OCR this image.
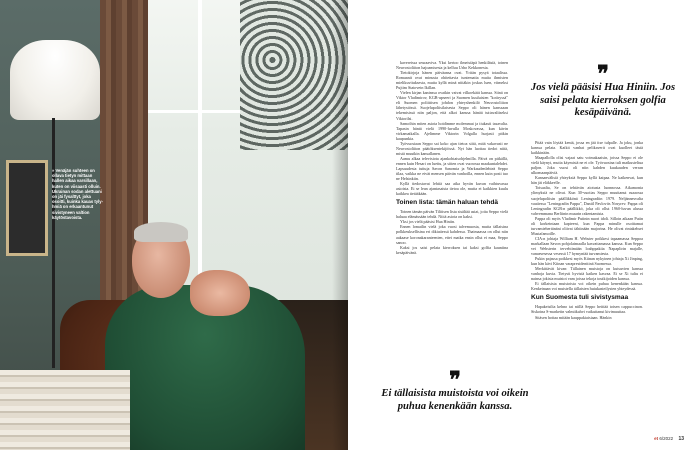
» Venäjän suhteen on ollava tietyn mittaan hallen aikaa varsillaan, kuten on viisaasti olluin. Ukrainan sodan alettuani on jäi fysalttyt, joka osoitti, kuinka kauas tyly-hmiä on erkaantunut sivistyneen valtion käytöstavoista.

kavereissa seuraaviva. Yksi kertoo ilmeisiäpä henkiläsiä, toinen Neuvostoliiton hajoamisesta ja kelluu Urho Kekkonesta.

Tietokirjoja hänen päiväansa ovat. Yritän pysyä totaalissa. Romaanit ovat minusta ohitettavia tuntematta muita ihmisten mielikuvituksesta, mutta kyllä minä niitäkin joskus luen, viimeksi Pujtim Statovein Ikillan.

Vielen kirjan kaninssa ovatkin vaivat vilkoekäät kanssa. Siinä on Viktor Vladimirov, KGB-upseeri ja Suomen kuuluisien "kotiryssä" eli Suomen poliittisen johdon yhteyshenkilö Neuvostoliiton lähetystössä. Suojelupoliisilaisesta Seppo oli hänen kanssaan tekemisissä niin paljon, että alkoi kanssa hänää tuttavaliiseksi Viktorilsi.

Samoihin miten asiota hoidimme molemmat ja tiukasti tasavalta. Tapasin häntä vielä 1990-luvulla Moskovassa, kun kävin virkamatkalla. Ajelimme Viktorin Volgalla hurjasti pitkin kaupunkia.

Työvuosiaan Seppo sai koko ajan tietoa siitä, mitä vakavasti ne Neuvostoliiton päätöksentekijöissä. Nyt hän luottaa tiedot niitä, mistä muutkin kansallanen.

Aamu alkaa televisiota ajankohtaisohjelmilla. Päivä on pitkällä, ennen kuin Hesari on luettu, ja sitten ovat vuorossa maakuntalehdet. Lapsuudesta tuttuja Savon Sanomia ja Warkaudenlehteä Seppo tilaa, vaikka ne eivät mensen päivän vanhoilla, ennen kuin posti tuo ne Helsinkiin.

Kyllä tiedostavat lehtiä saa aika hyvän kuvan vaihtuvassa asioista. Ei se lean ajantasaista tietoa ole, mutta ei kaikkien kuulu kaikkea tietääkään.

Toinen lista: tämän haluan tehdä

Toinen tämän päivän Tilitisen lista sisältää asiat, joita Seppo vielä haluaa elämässään tehdä. Niitä asiota on kaksi.

Yksi jos vielä pääsisi Hua Hiniin.

Ennen lomailin vielä joka vuosi talvemuosta, mutta tällaisina polkkeuksellisina eri dikiatiessä kahdessa. Thaimaassa on ollut niin aakaase koronakaranteenien, ettei matka ensin ollut ei maa, Seppo sanoo.

Kaksi jos saisi pelata kierroksen tai kaksi golfia kauniina kesäpäivänä.

Pitää vain löytää kentä, jossa en jää itse tulpalle. Ja joku, jonka kanssa pelata. Kaikit vanhat pelikaverit ovat kuolleet tästä kaikkinään.

Maapallolla olisi vajaat satu voimakaaisin, joissa Seppo ei ole vielä käynyt, mutta käymistä ne ei ole. Työvuosina tuli matkusteltua paljon. Joka vuosi oli niin kahden kuukauden verran ulkomaanpäiviä.

Kansanvälisiä yhteyksiä Seppo kyllä kaipaa. Ne kaikenvat, kun hän jäi eläkkeelle.

Toisaalta, Se on tehtävän aiotusta luonnossa. Aikamonia ylimyksiä ne olivat. Kun 30-vuotias Seppo muuttanut ruaaossa suojelupoliisin päällikkönä Leningradiin 1979. Neljännesvalta vaatiessa "Leningradin Pappa", Daniil Pavlovits Nosyrev. Pappa oli Leningradin KGB:n päällikkö, joka oli ollut 1960-luvun alussa vahvemmana Berliinin muurin rakentamista.

Pappa oli myös Vladimir Putinin nuori idoli. Silloin aikaan Putin oli korkeintaan kapteeni, kun Pappa minulle osoittamat turvamiehertänäni oliivat tähtinään majorina. He olivat rintakehset Mustafamoille.

CIA:n johtaja William H. Webster poikkesi tapaamassa Seppoa markallaan Savon pohjolaimaalla kasvattamassa kanssa. Kun Seppo vei Websterin tervehtimään loahppakiia Napaplirin majalle, vanaesesessa vesessä 17 hymyntää turvamiesta.

Pukin pajassa poikkesi myös Kiinan nykyinen johtaja Xi Jinping, kun hän kävi Kiinan varapresidenttinä Suomessa.

Merkittävät kivan: Tällainen muistoja on kutsuvien kanssa vanhoja kuvia. Tietysti hyvistä kaiken kasvaa. Ei se Xi tultu ei nainsa jokista muistot vam joissa tekoja toutkijoiden kanssa.

Ei tällaisista muistoista voi oikein puhua kenenkään kanssa. Kenkeinaan voi muistella tällaisten huiukasteilysten yhteydessä.

Kun Suomesta tuli sivistysmaa

Hapakeisilta kehno tai niillä Seppo heittää toisen cappuccinon. Siskoina S-marketin valmiikahvi vaikuttanut kivimuuttaa.

Sitäsen hottaa mitään kauppakiaisiaan. Hänkin

et 6/2022 13
❞
Jos vielä pääsisi Hua Hiniin. Jos saisi pelata kierroksen golfia kesäpäivänä.
❞
Ei tällaisista muistoista voi oikein puhua kenenkään kanssa.
